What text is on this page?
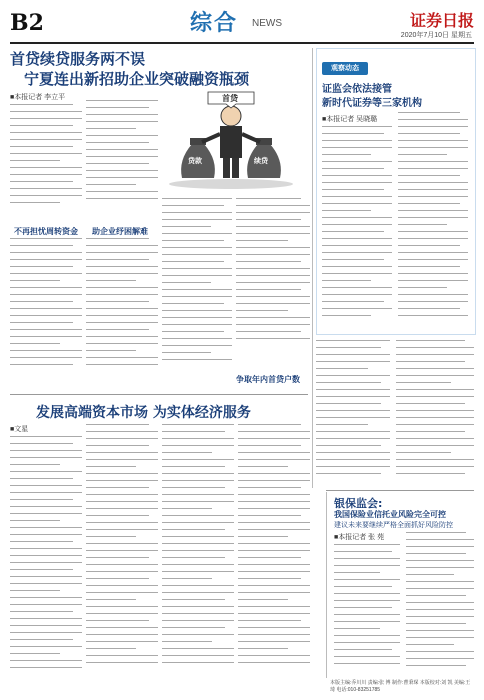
B2	综合 NEWS	证券日报
2020年7月10日 星期五
首贷续贷服务两不误
宁夏连出新招助企业突破融资瓶颈
■本报记者 李立平
不再担忧周转资金 助企业纾困解难
首贷
贷款	续贷
争取年内首贷户数
观察动态
证监会依法接管
新时代证券等三家机构
■本报记者 吴晓璐
发展高端资本市场 为实体经济服务
■文星
银保监会:
我国保险业信托业风险完全可控
建议未来要继续严格全面抓好风险防控
■本报记者 张 苑
本版主编:乔川川 责编:张 博 制作:曹秉琛 本版校对:刘 凯 美编:王 琦 电话:010-83251785
